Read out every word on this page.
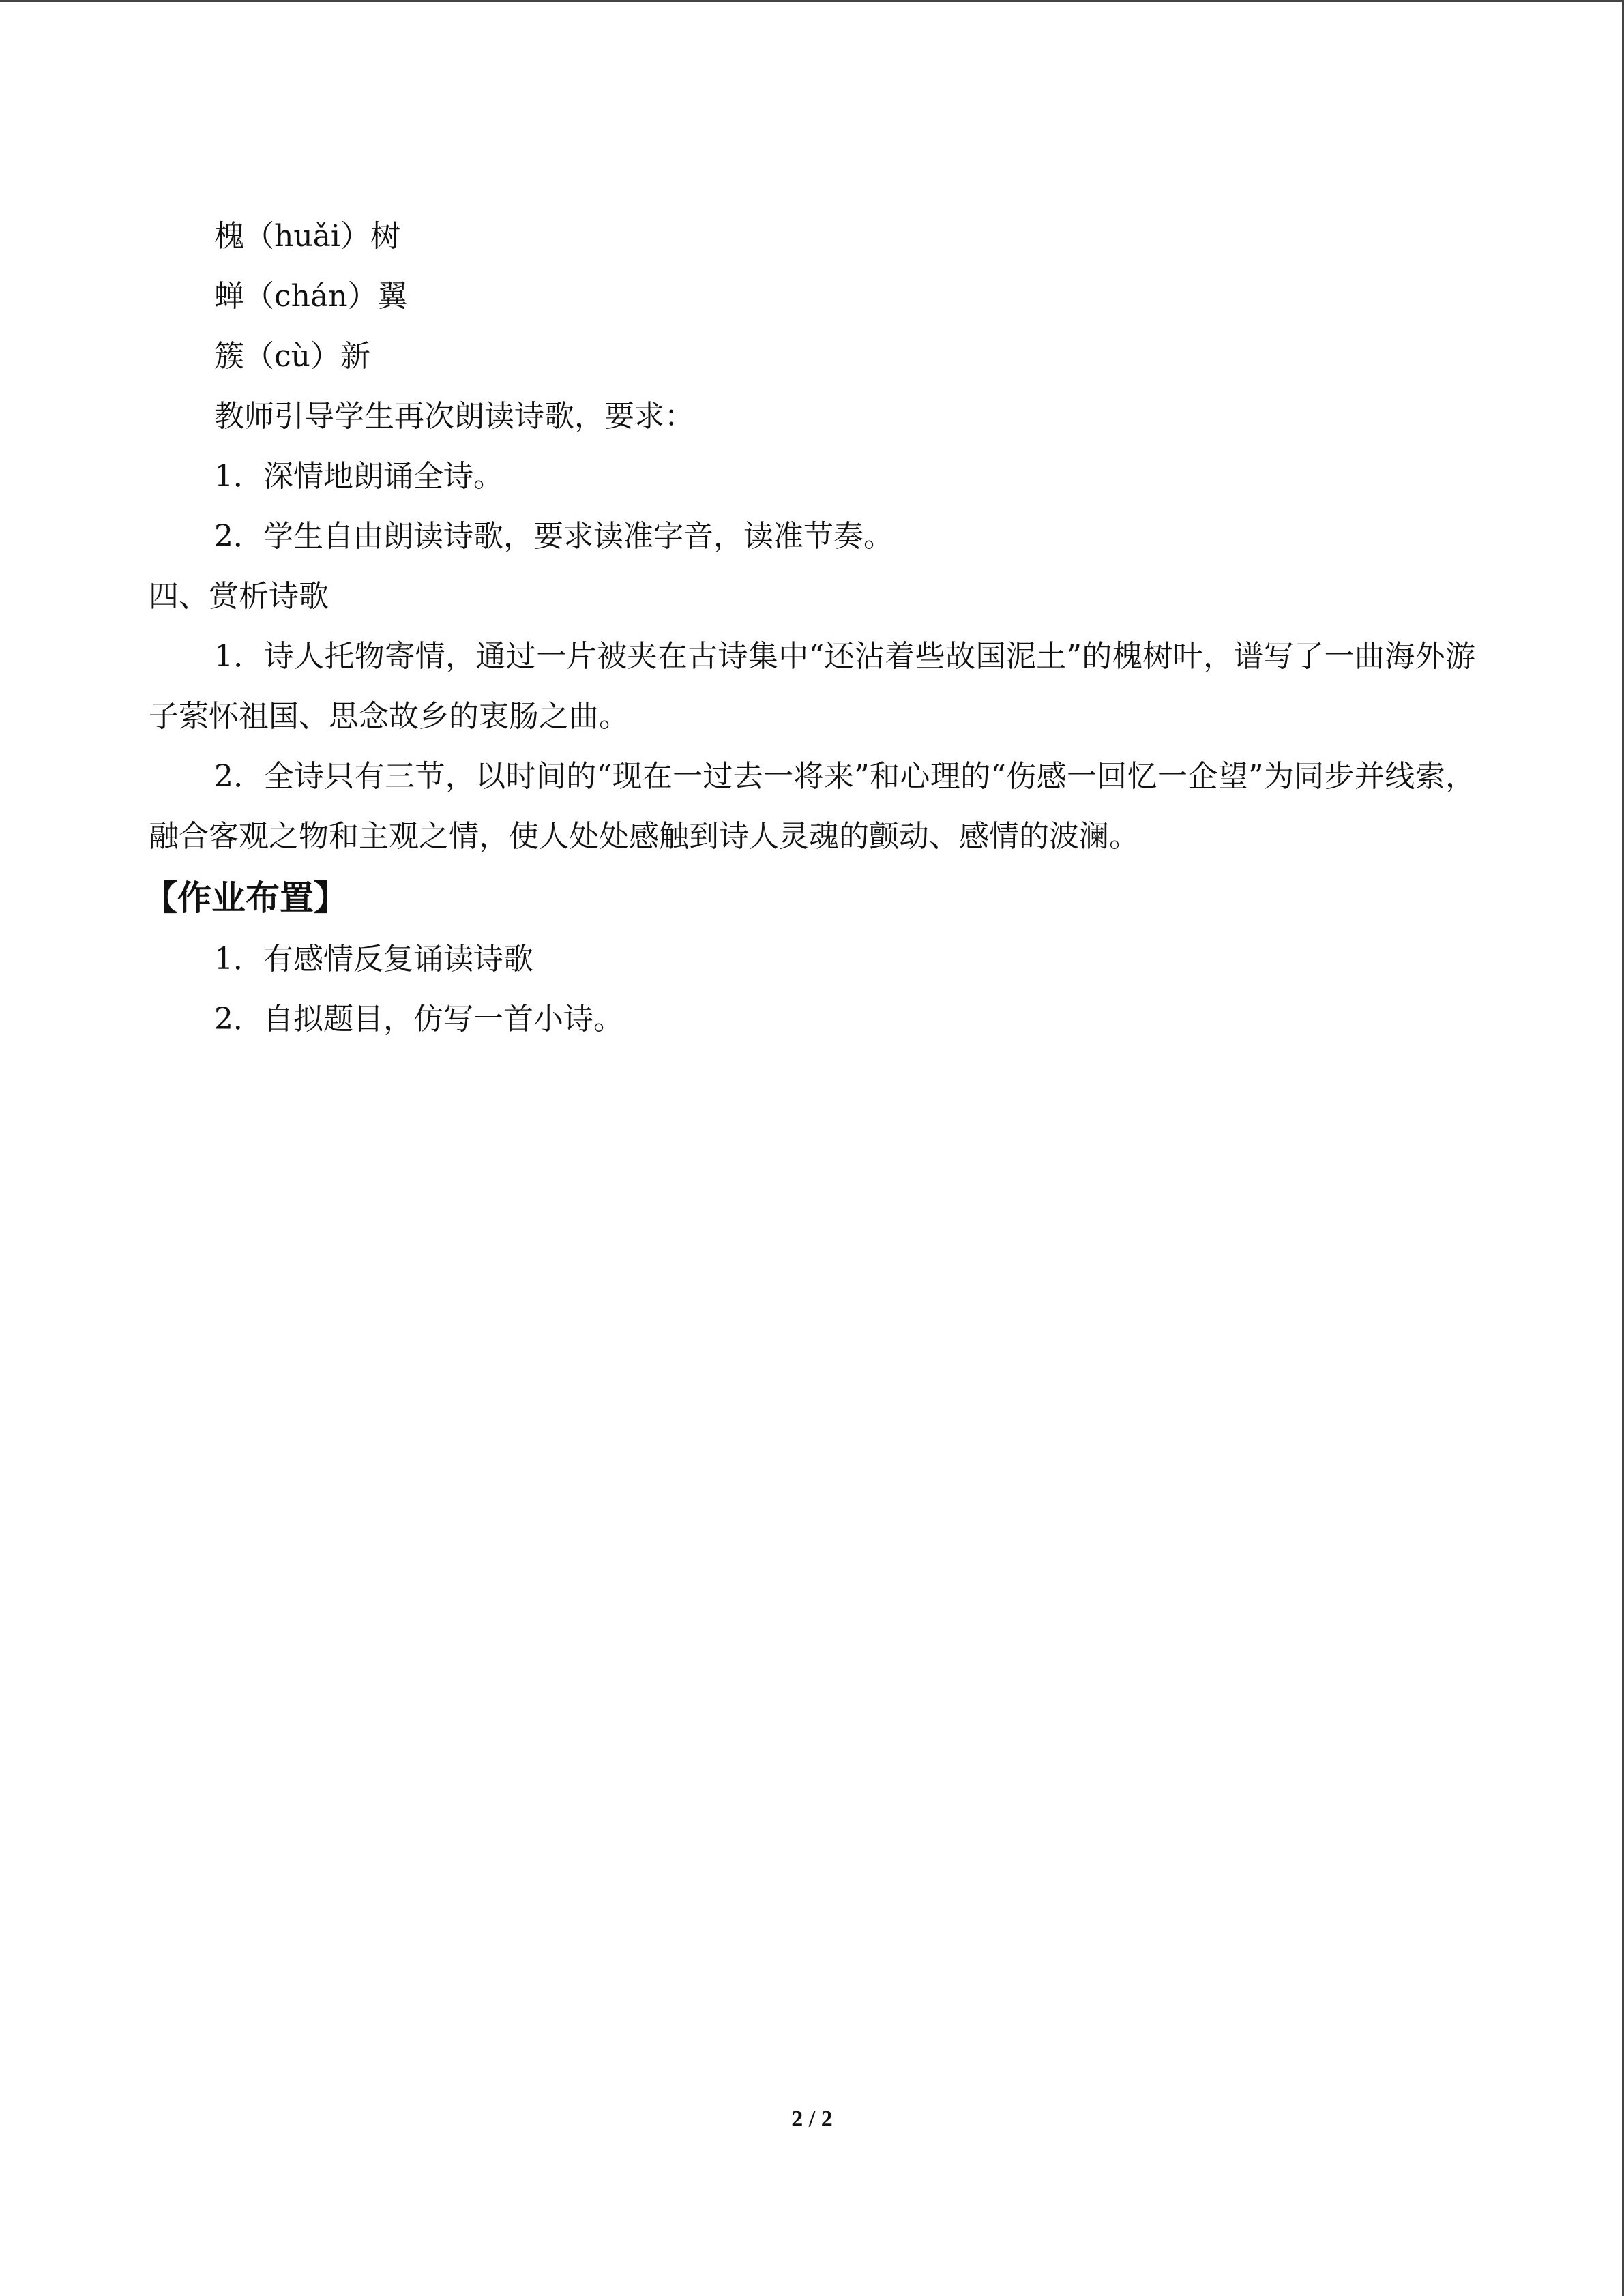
槐（huǎi）树
蝉（chán）翼
簇（cù）新
教师引导学生再次朗读诗歌，要求：
1．深情地朗诵全诗。
2．学生自由朗读诗歌，要求读准字音，读准节奏。
四、赏析诗歌
1．诗人托物寄情，通过一片被夹在古诗集中“还沾着些故国泥土”的槐树叶，谱写了一曲海外游子萦怀祖国、思念故乡的衷肠之曲。
2．全诗只有三节，以时间的“现在一过去一将来”和心理的“伤感一回忆一企望”为同步并线索，融合客观之物和主观之情，使人处处感触到诗人灵魂的颤动、感情的波澜。
【作业布置】
1．有感情反复诵读诗歌
2．自拟题目，仿写一首小诗。
2 / 2
